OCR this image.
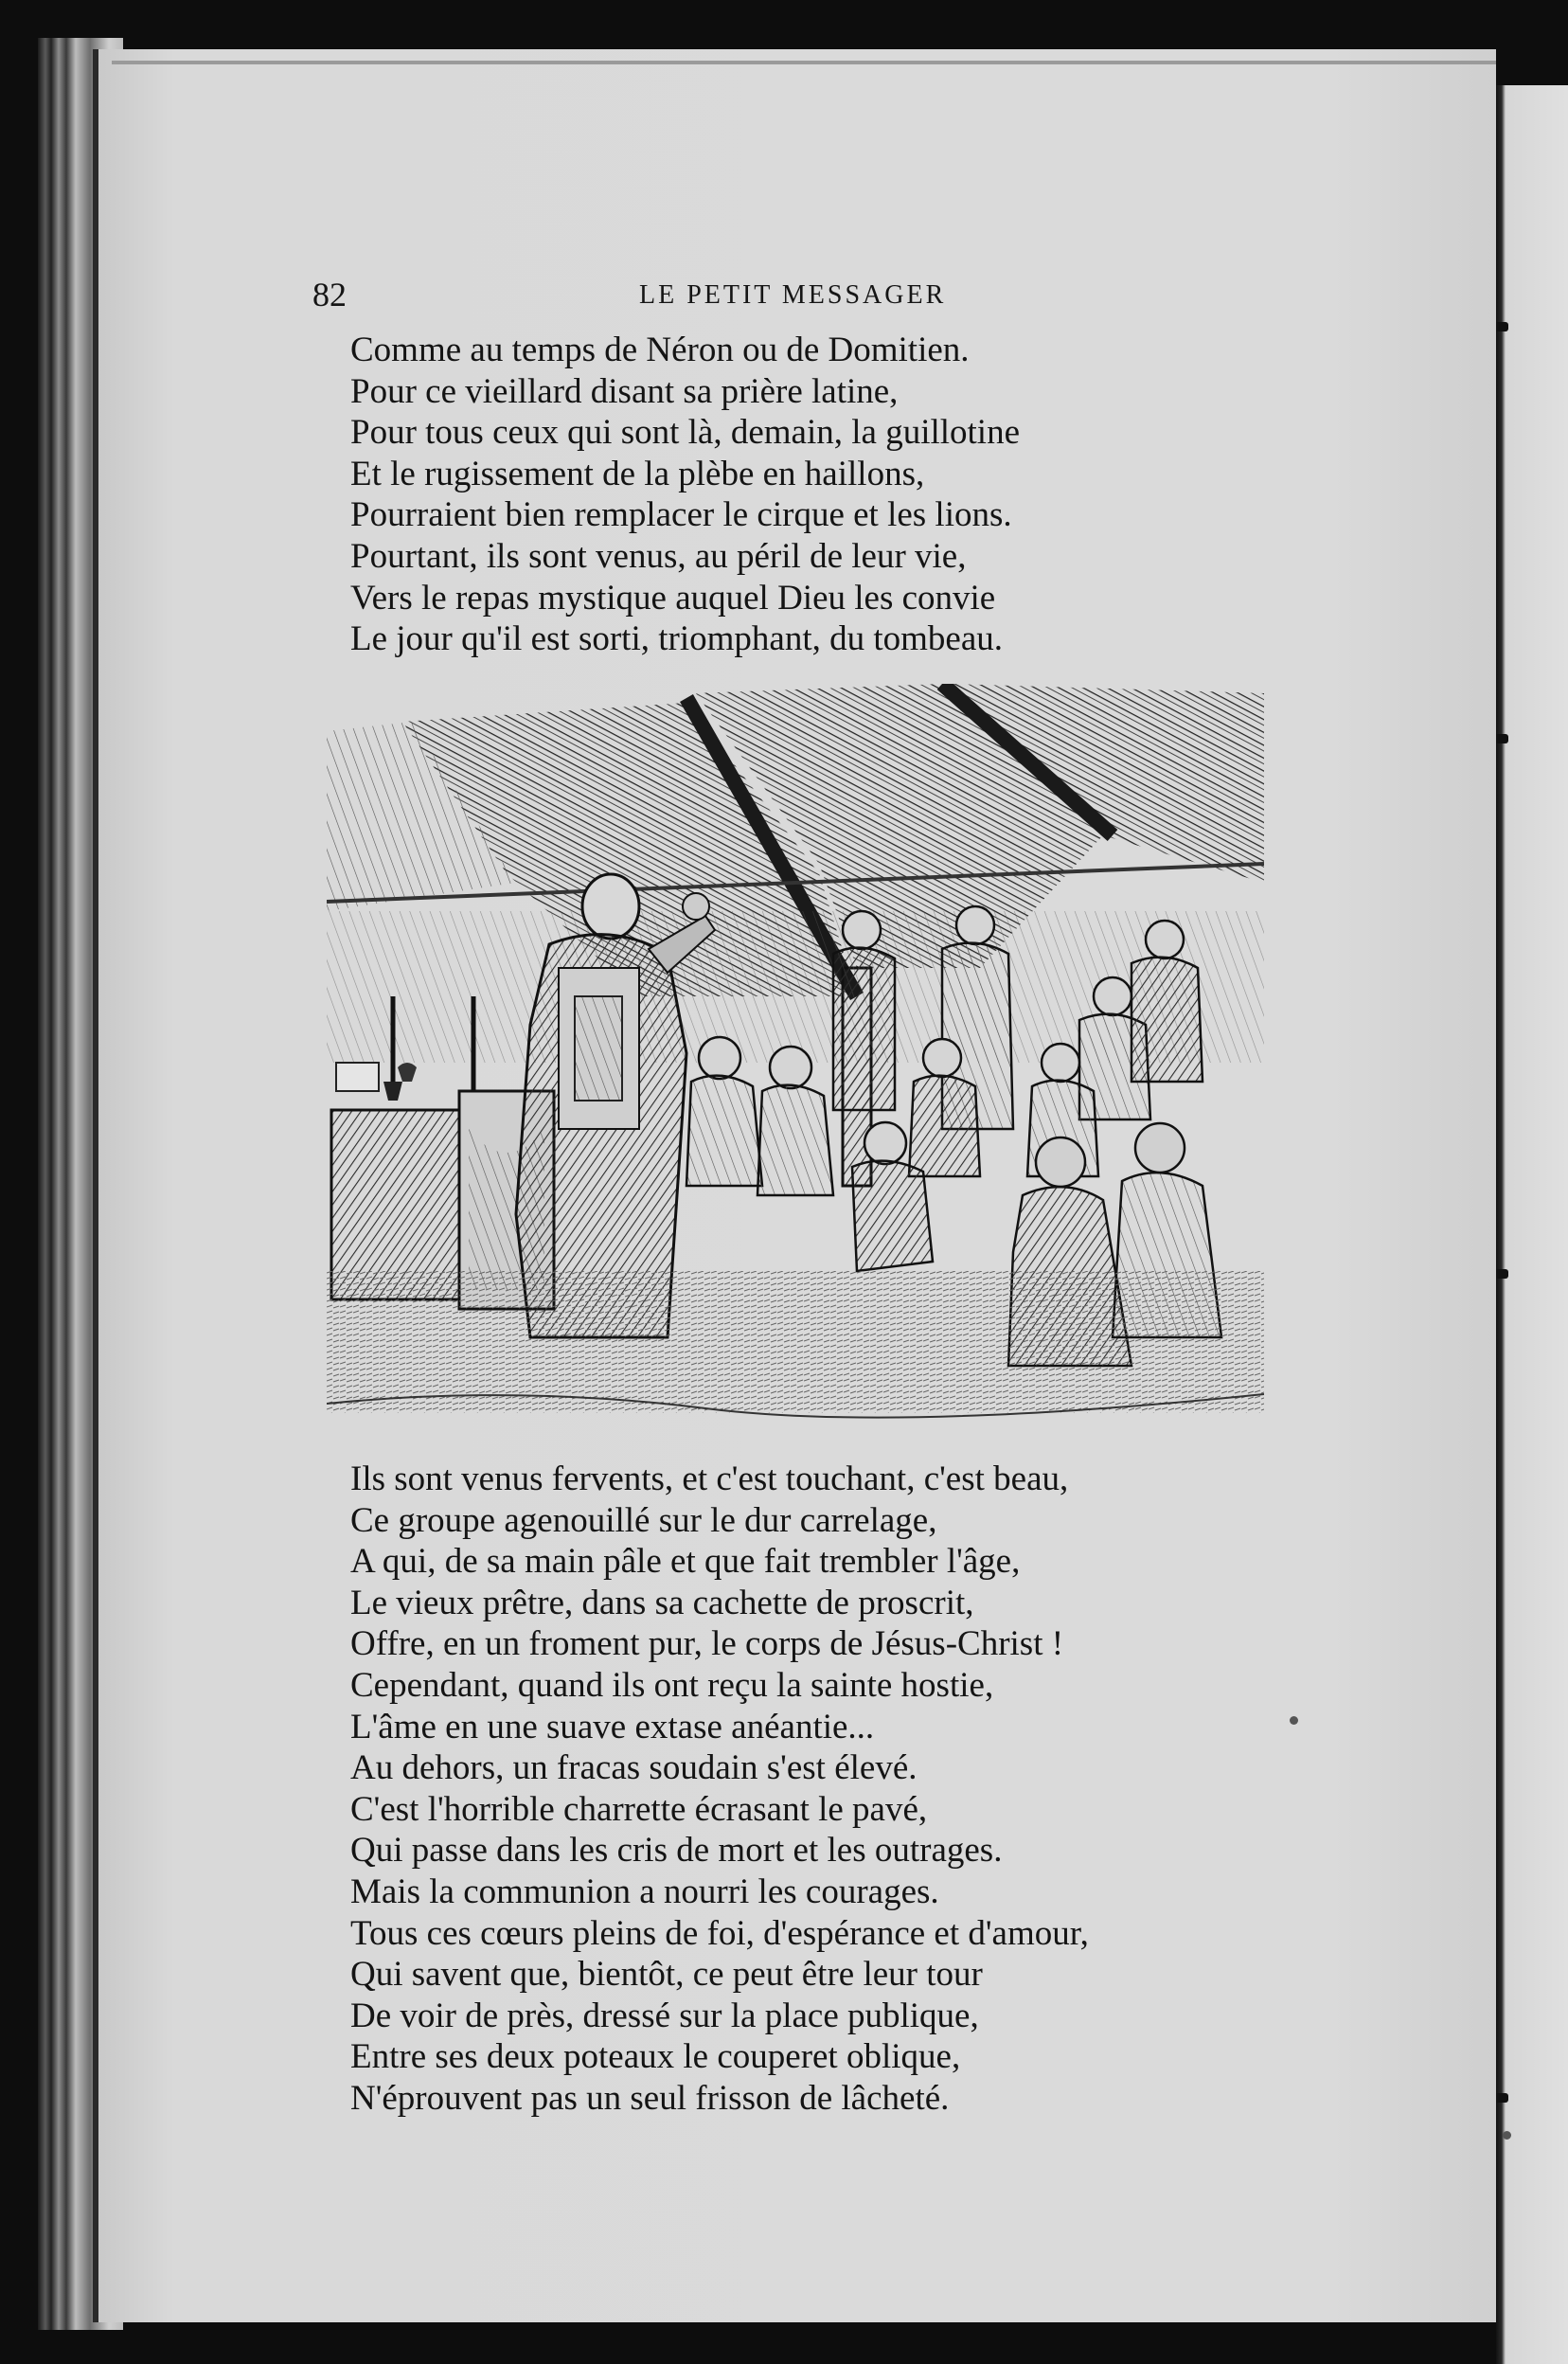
82	LE PETIT MESSAGER
Comme au temps de Néron ou de Domitien.
Pour ce vieillard disant sa prière latine,
Pour tous ceux qui sont là, demain, la guillotine
Et le rugissement de la plèbe en haillons,
Pourraient bien remplacer le cirque et les lions.
Pourtant, ils sont venus, au péril de leur vie,
Vers le repas mystique auquel Dieu les convie
Le jour qu'il est sorti, triomphant, du tombeau.
Ils sont venus fervents, et c'est touchant, c'est beau,
Ce groupe agenouillé sur le dur carrelage,
A qui, de sa main pâle et que fait trembler l'âge,
Le vieux prêtre, dans sa cachette de proscrit,
Offre, en un froment pur, le corps de Jésus-Christ !
Cependant, quand ils ont reçu la sainte hostie,
L'âme en une suave extase anéantie...
Au dehors, un fracas soudain s'est élevé.
C'est l'horrible charrette écrasant le pavé,
Qui passe dans les cris de mort et les outrages.
Mais la communion a nourri les courages.
Tous ces cœurs pleins de foi, d'espérance et d'amour,
Qui savent que, bientôt, ce peut être leur tour
De voir de près, dressé sur la place publique,
Entre ses deux poteaux le couperet oblique,
N'éprouvent pas un seul frisson de lâcheté.
